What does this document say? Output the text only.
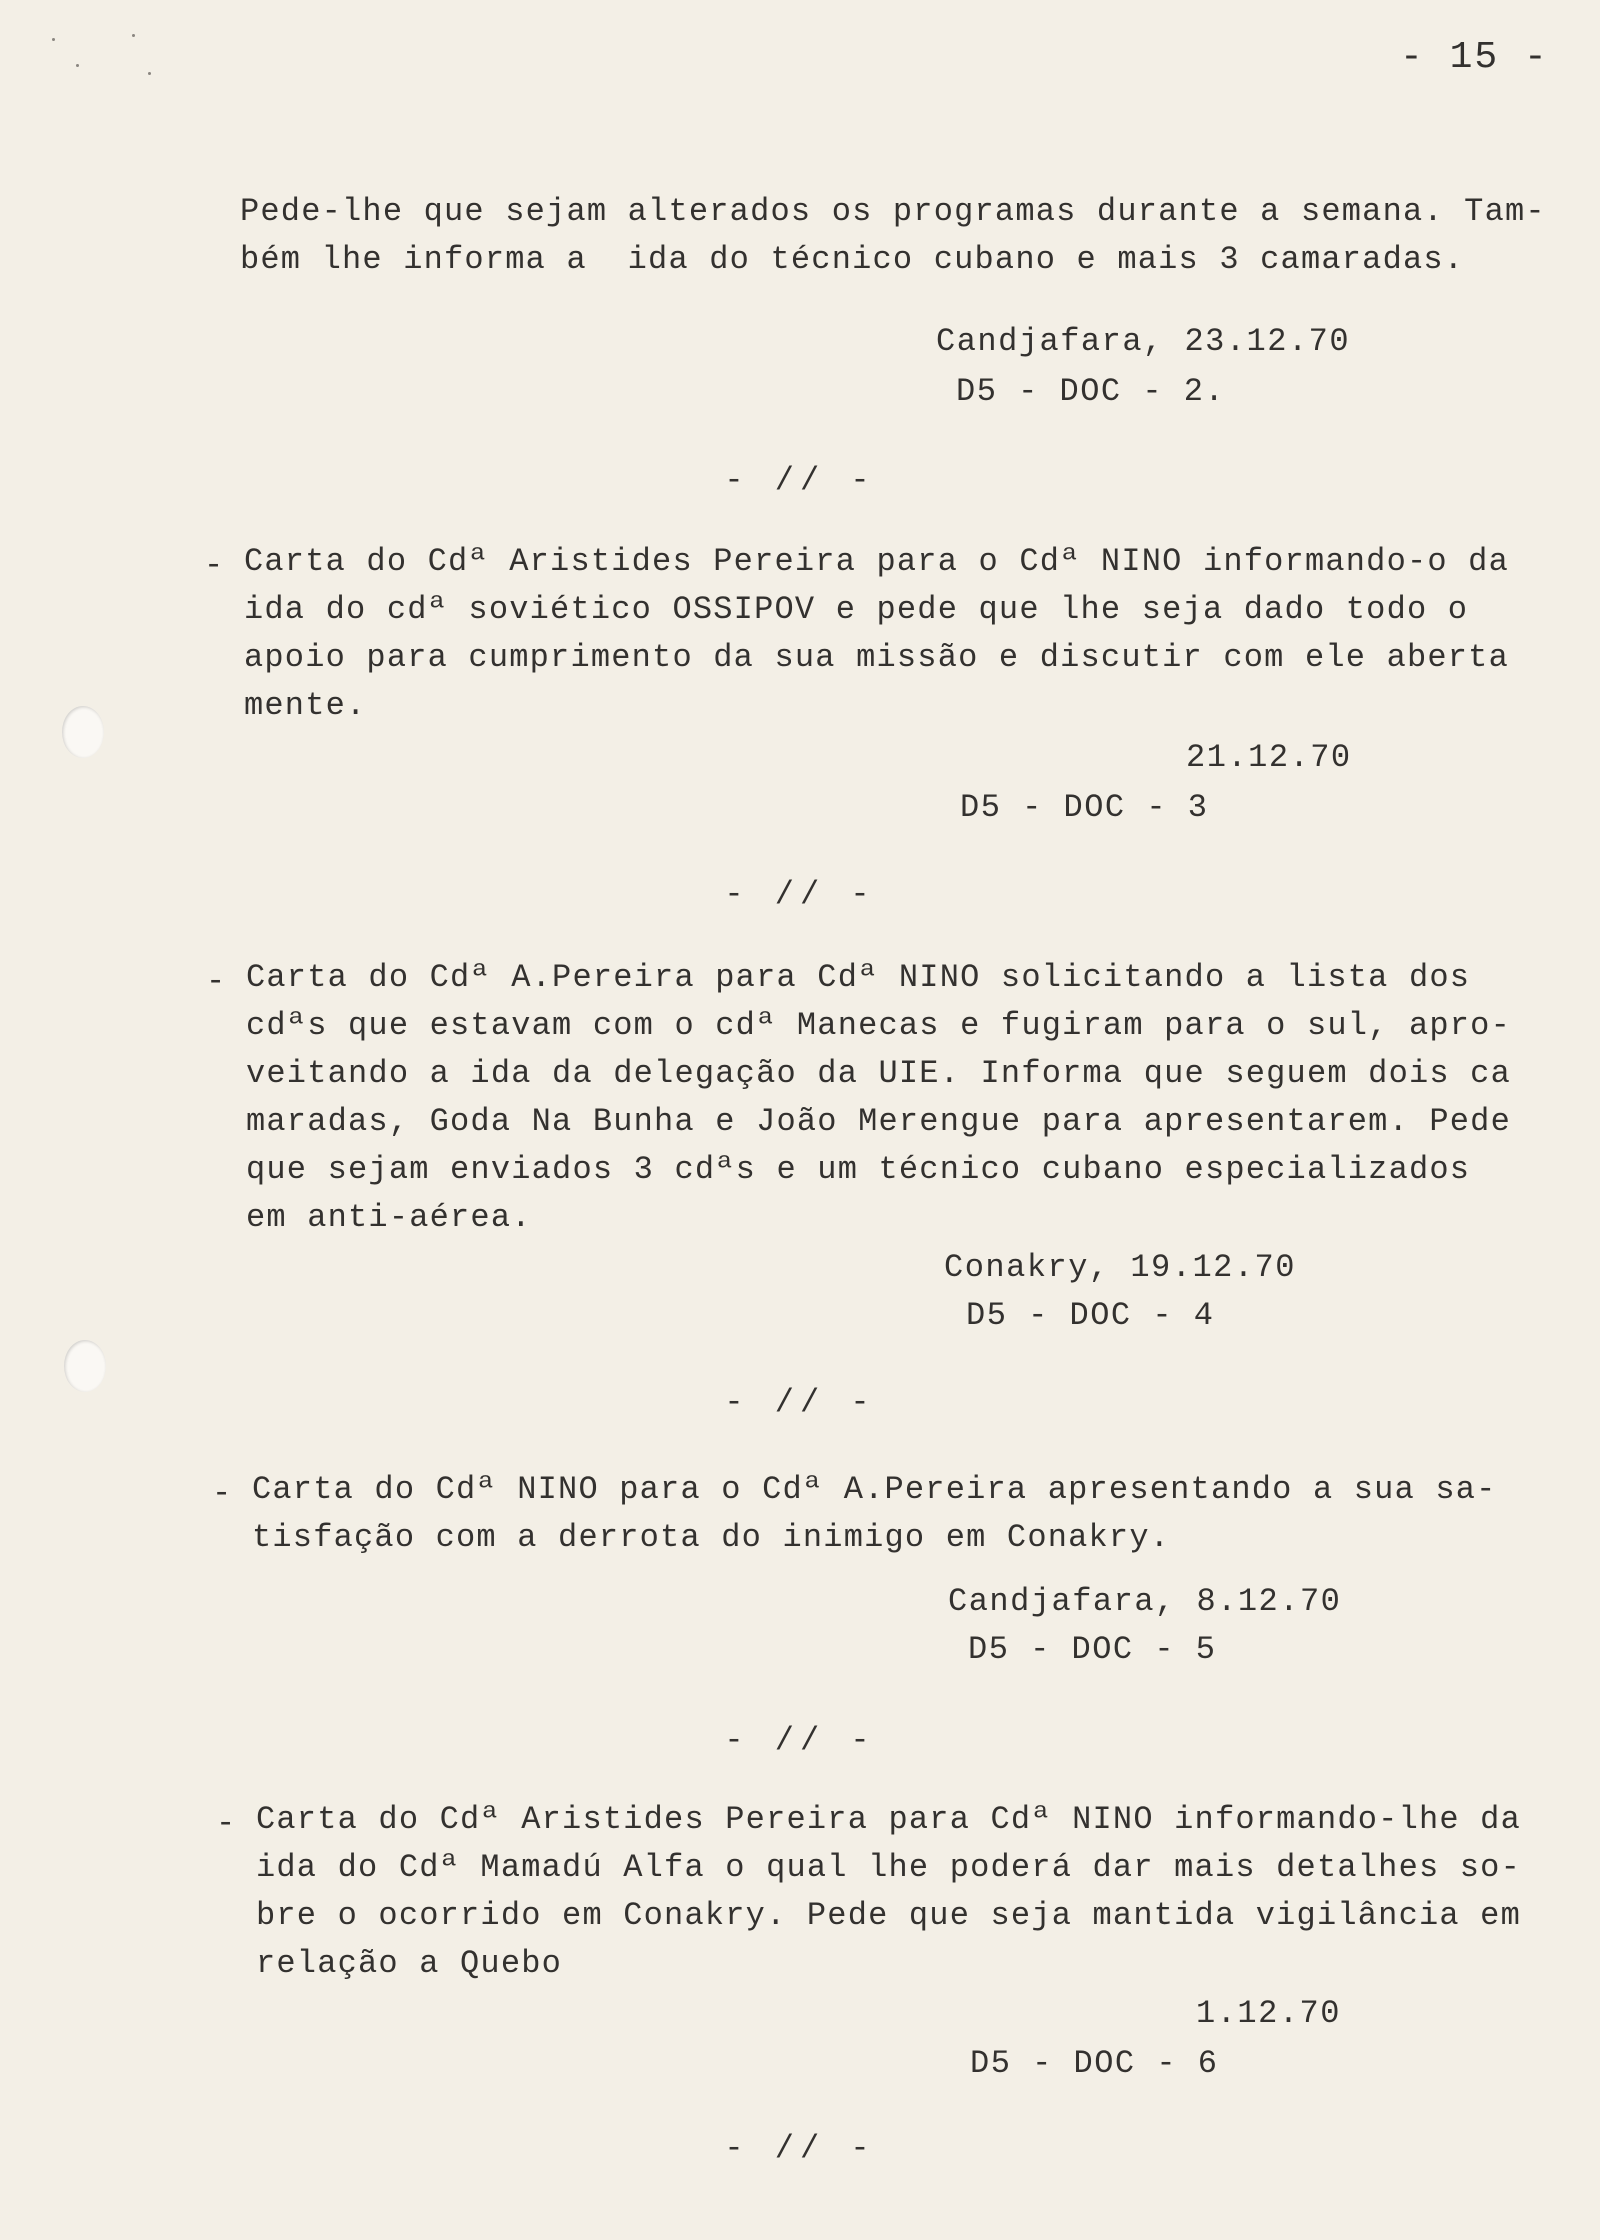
- 15 -
Pede-lhe que sejam alterados os programas durante a semana. Tam-
bém lhe informa a  ida do técnico cubano e mais 3 camaradas.
Candjafara, 23.12.70
D5 - DOC - 2.
- // -
- Carta do Cdª Aristides Pereira para o Cdª NINO informando-o da
ida do cdª soviético OSSIPOV e pede que lhe seja dado todo o
apoio para cumprimento da sua missão e discutir com ele aberta
mente.
21.12.70
D5 - DOC - 3
- // -
- Carta do Cdª A.Pereira para Cdª NINO solicitando a lista dos
cdªs que estavam com o cdª Manecas e fugiram para o sul, apro-
veitando a ida da delegação da UIE. Informa que seguem dois ca
maradas, Goda Na Bunha e João Merengue para apresentarem. Pede
que sejam enviados 3 cdªs e um técnico cubano especializados
em anti-aérea.
Conakry, 19.12.70
D5 - DOC - 4
- // -
- Carta do Cdª NINO para o Cdª A.Pereira apresentando a sua sa-
tisfação com a derrota do inimigo em Conakry.
Candjafara, 8.12.70
D5 - DOC - 5
- // -
- Carta do Cdª Aristides Pereira para Cdª NINO informando-lhe da
ida do Cdª Mamadú Alfa o qual lhe poderá dar mais detalhes so-
bre o ocorrido em Conakry. Pede que seja mantida vigilância em
relação a Quebo
1.12.70
D5 - DOC - 6
- // -
